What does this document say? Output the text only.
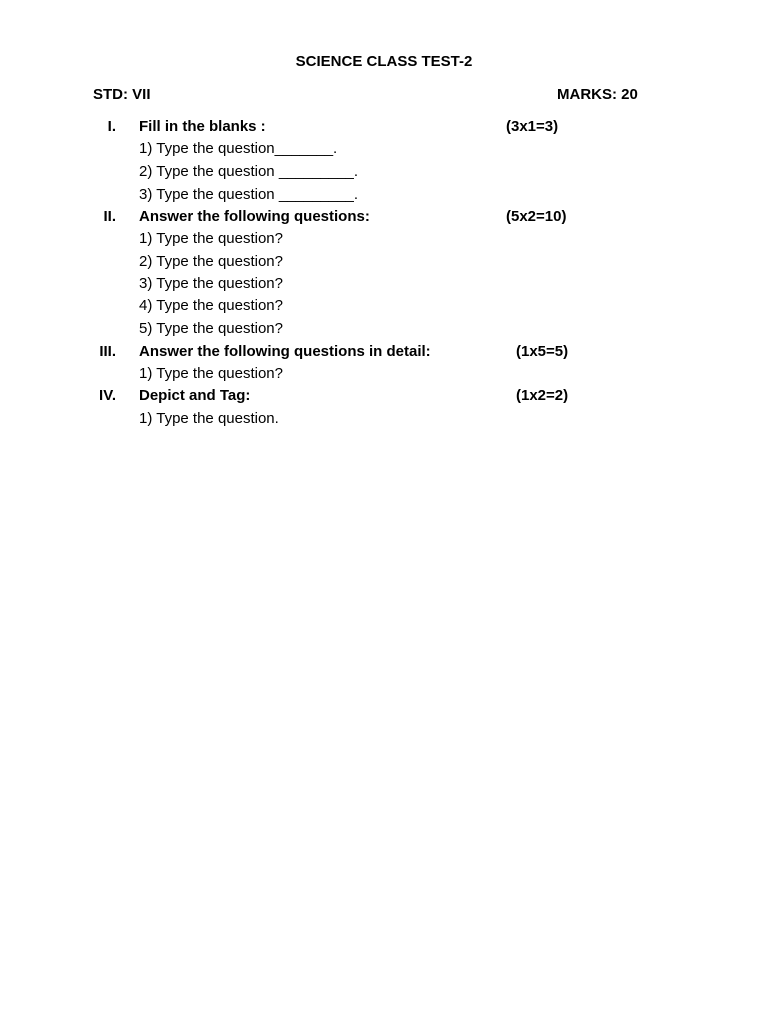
SCIENCE CLASS TEST-2
STD: VII	MARKS: 20
I. Fill in the blanks :	(3x1=3)
1) Type the question_______.
2) Type the question _________.
3) Type the question _________.
II. Answer the following questions:	(5x2=10)
1) Type the question?
2) Type the question?
3) Type the question?
4) Type the question?
5) Type the question?
III. Answer the following questions in detail:	(1x5=5)
1) Type the question?
IV. Depict and Tag:	(1x2=2)
1) Type the question.
